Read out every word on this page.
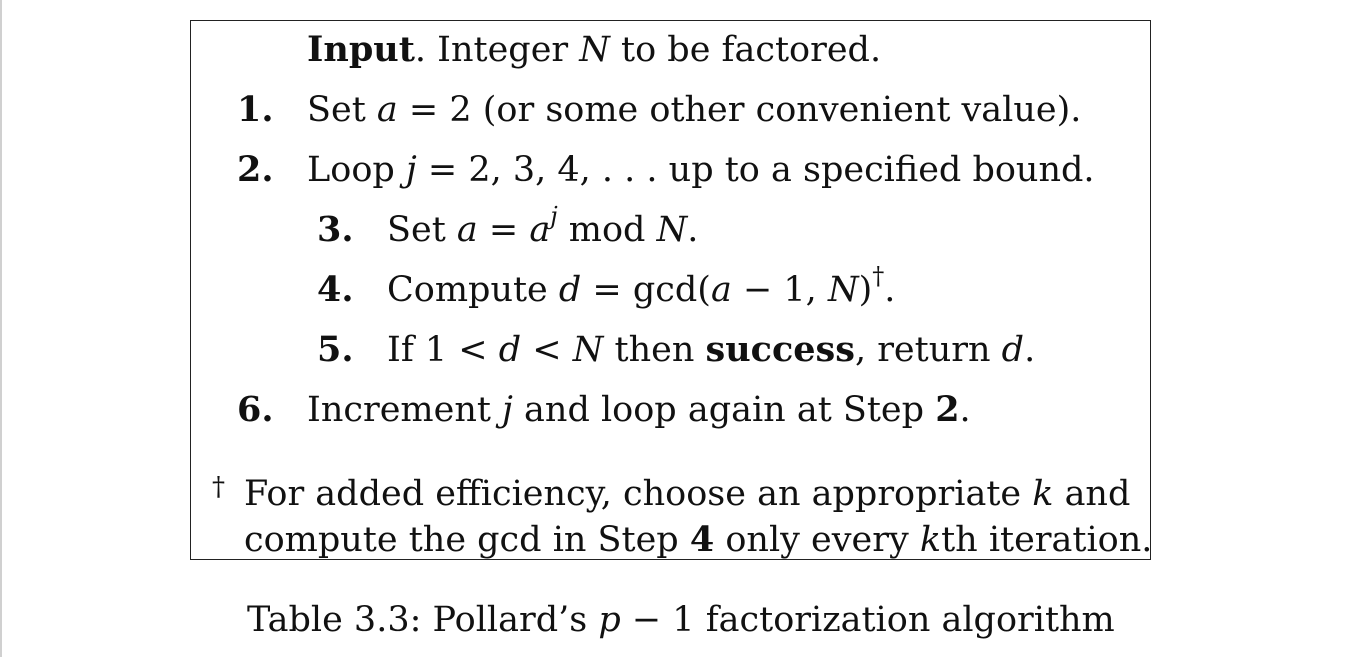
Input. Integer N to be factored.
1. Set a = 2 (or some other convenient value).
2. Loop j = 2, 3, 4, . . . up to a specified bound.
3. Set $a = a^j$ mod N.
4. Compute d = gcd(a − 1, N)†.
5. If 1 < d < N then success, return d.
6. Increment j and loop again at Step 2.
† For added efficiency, choose an appropriate k and
compute the gcd in Step 4 only every kth iteration.
Table 3.3: Pollard’s p − 1 factorization algorithm
